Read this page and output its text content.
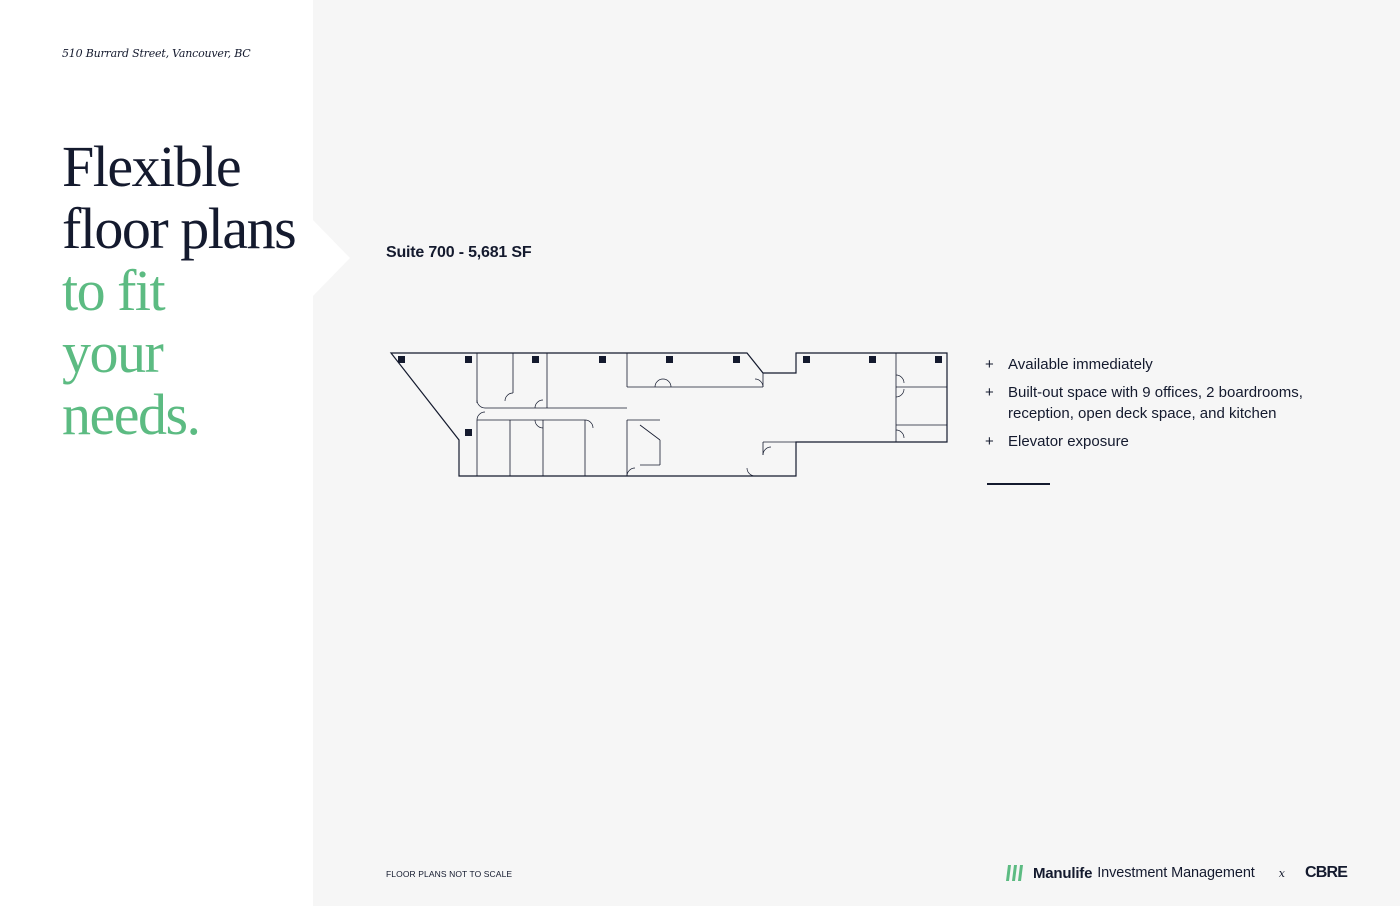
510 Burrard Street, Vancouver, BC
Flexible
floor plans
to fit
your
needs.
Suite 700 - 5,681 SF
+ Available immediately
+ Built-out space with 9 offices, 2 boardrooms, reception, open deck space, and kitchen
+ Elevator exposure
FLOOR PLANS NOT TO SCALE	Manulife Investment Management x CBRE
